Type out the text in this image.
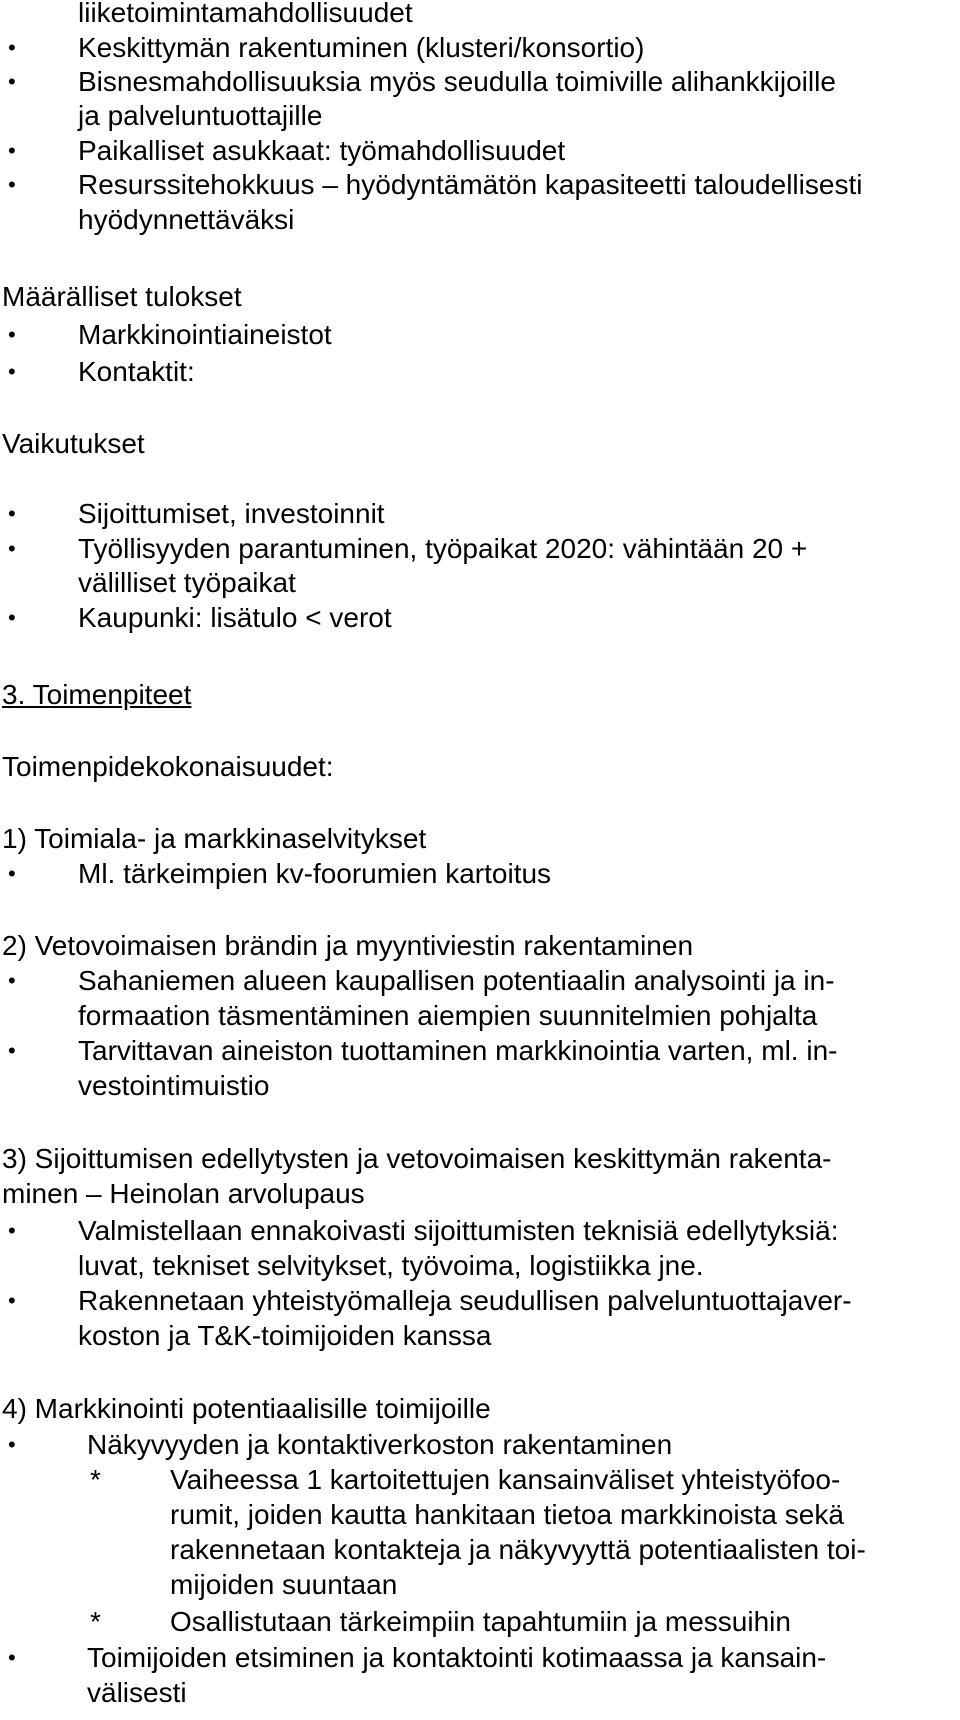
liiketoimintamahdollisuudet
• Keskittymän rakentuminen (klusteri/konsortio)
• Bisnesmahdollisuuksia myös seudulla toimiville alihankkijoille
ja palveluntuottajille
• Paikalliset asukkaat: työmahdollisuudet
• Resurssitehokkuus – hyödyntämätön kapasiteetti taloudellisesti
hyödynnettäväksi
Määrälliset tulokset
• Markkinointiaineistot
• Kontaktit:
Vaikutukset
• Sijoittumiset, investoinnit
• Työllisyyden parantuminen, työpaikat 2020: vähintään 20 +
välilliset työpaikat
• Kaupunki: lisätulo < verot
3. Toimenpiteet
Toimenpidekokonaisuudet:
1) Toimiala- ja markkinaselvitykset
• Ml. tärkeimpien kv-foorumien kartoitus
2) Vetovoimaisen brändin ja myyntiviestin rakentaminen
• Sahaniemen alueen kaupallisen potentiaalin analysointi ja in-
formaation täsmentäminen aiempien suunnitelmien pohjalta
• Tarvittavan aineiston tuottaminen markkinointia varten, ml. in-
vestointimuistio
3) Sijoittumisen edellytysten ja vetovoimaisen keskittymän rakenta-
minen – Heinolan arvolupaus
• Valmistellaan ennakoivasti sijoittumisten teknisiä edellytyksiä:
luvat, tekniset selvitykset, työvoima, logistiikka jne.
• Rakennetaan yhteistyömalleja seudullisen palveluntuottajaver-
koston ja T&K-toimijoiden kanssa
4) Markkinointi potentiaalisille toimijoille
•	Näkyvyyden ja kontaktiverkoston rakentaminen
* Vaiheessa 1 kartoitettujen kansainväliset yhteistyöfoo-
rumit, joiden kautta hankitaan tietoa markkinoista sekä
rakennetaan kontakteja ja näkyvyyttä potentiaalisten toi-
mijoiden suuntaan
* Osallistutaan tärkeimpiin tapahtumiin ja messuihin
•	Toimijoiden etsiminen ja kontaktointi kotimaassa ja kansain-
välisesti
